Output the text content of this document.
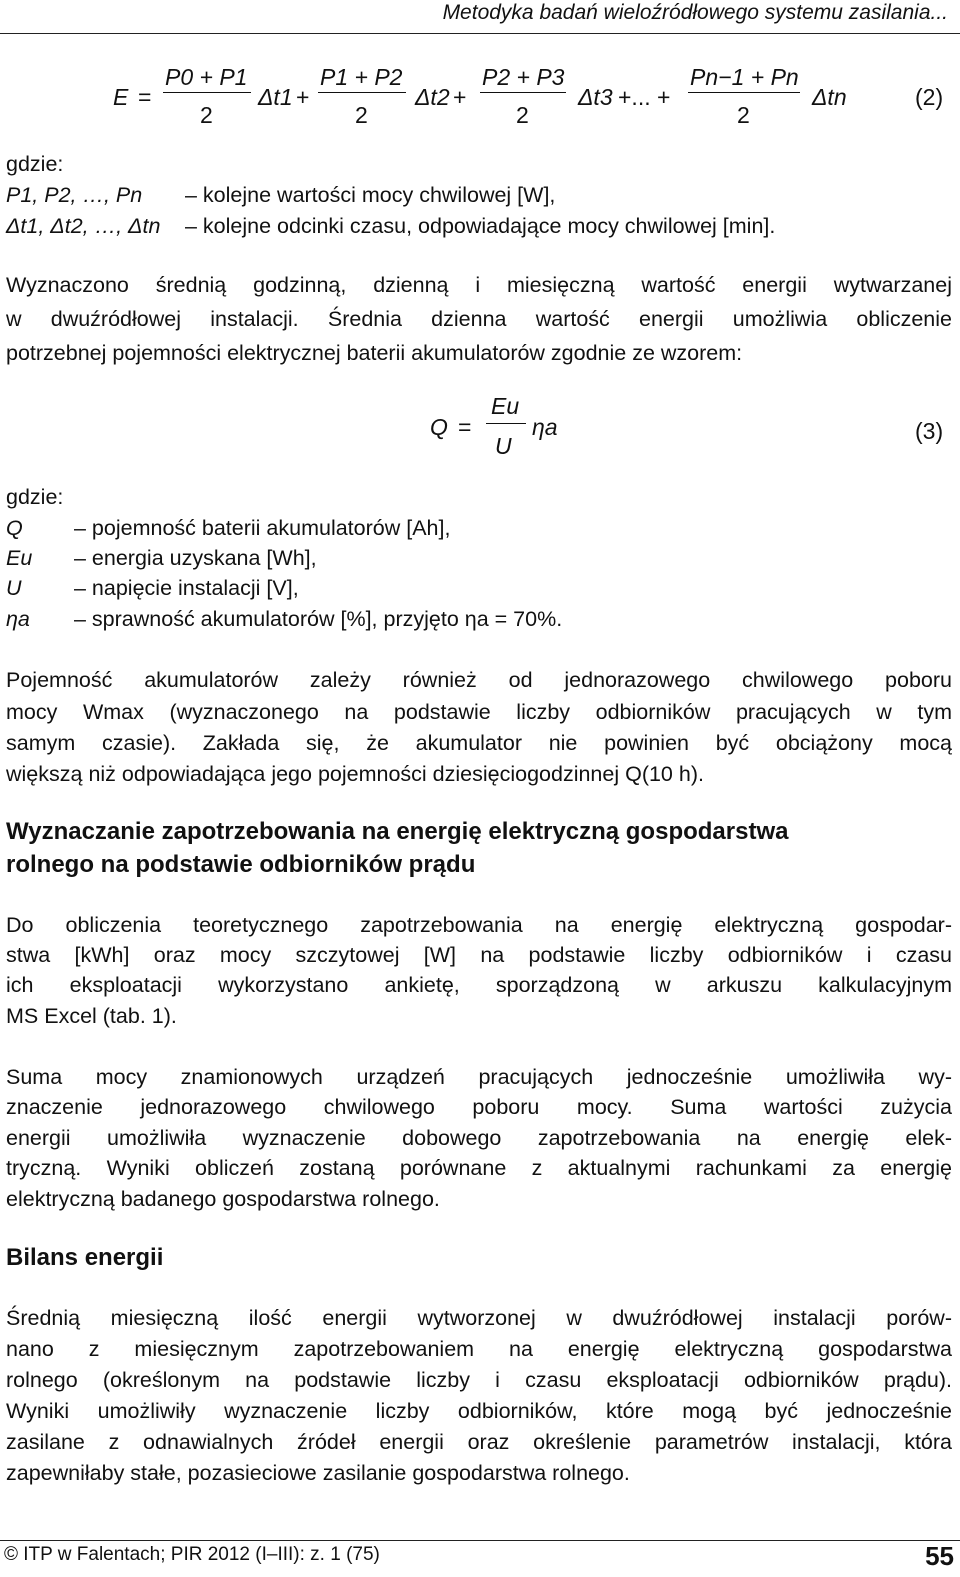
Metodyka badań wieloźródłowego systemu zasilania...
E =
P0 + P1
2
Δt1 +
P1 + P2
2
Δt2 +
P2 + P3
2
Δt3 +... +
Pn−1 + Pn
2
Δtn	(2)
gdzie:
P1, P2, …, Pn – kolejne wartości mocy chwilowej [W],
Δt1, Δt2, …, Δtn – kolejne odcinki czasu, odpowiadające mocy chwilowej [min].
Wyznaczono średnią godzinną, dzienną i miesięczną wartość energii wytwarzanej
w dwuźródłowej instalacji. Średnia dzienna wartość energii umożliwia obliczenie
potrzebnej pojemności elektrycznej baterii akumulatorów zgodnie ze wzorem:
Q =
Eu
U
ηa	(3)
gdzie:
Q – pojemność baterii akumulatorów [Ah],
Eu – energia uzyskana [Wh],
U – napięcie instalacji [V],
ηa – sprawność akumulatorów [%], przyjęto ηa = 70%.
Pojemność akumulatorów zależy również od jednorazowego chwilowego poboru
mocy Wmax (wyznaczonego na podstawie liczby odbiorników pracujących w tym
samym czasie). Zakłada się, że akumulator nie powinien być obciążony mocą
większą niż odpowiadająca jego pojemności dziesięciogodzinnej Q(10 h).
Wyznaczanie zapotrzebowania na energię elektryczną gospodarstwa
rolnego na podstawie odbiorników prądu
Do obliczenia teoretycznego zapotrzebowania na energię elektryczną gospodar-
stwa [kWh] oraz mocy szczytowej [W] na podstawie liczby odbiorników i czasu
ich eksploatacji wykorzystano ankietę, sporządzoną w arkuszu kalkulacyjnym
MS Excel (tab. 1).
Suma mocy znamionowych urządzeń pracujących jednocześnie umożliwiła wy-
znaczenie jednorazowego chwilowego poboru mocy. Suma wartości zużycia
energii umożliwiła wyznaczenie dobowego zapotrzebowania na energię elek-
tryczną. Wyniki obliczeń zostaną porównane z aktualnymi rachunkami za energię
elektryczną badanego gospodarstwa rolnego.
Bilans energii
Średnią miesięczną ilość energii wytworzonej w dwuźródłowej instalacji porów-
nano z miesięcznym zapotrzebowaniem na energię elektryczną gospodarstwa
rolnego (określonym na podstawie liczby i czasu eksploatacji odbiorników prądu).
Wyniki umożliwiły wyznaczenie liczby odbiorników, które mogą być jednocześnie
zasilane z odnawialnych źródeł energii oraz określenie parametrów instalacji, która
zapewniłaby stałe, pozasieciowe zasilanie gospodarstwa rolnego.
© ITP w Falentach; PIR 2012 (I–III): z. 1 (75)	55
